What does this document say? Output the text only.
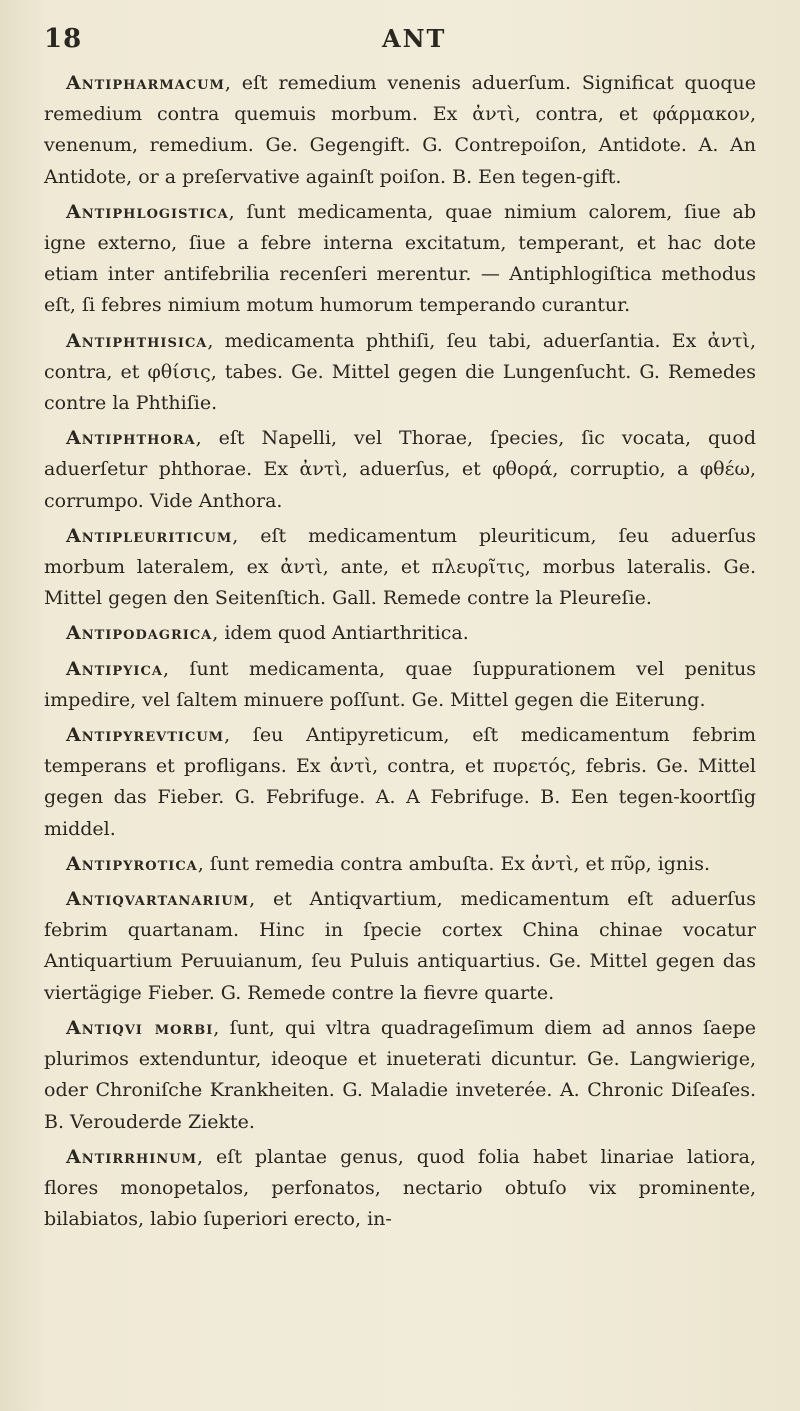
18	ANT

Antipharmacum, eſt remedium venenis aduerſum. Significat quoque remedium contra quemuis morbum. Ex ἀντὶ, contra, et φάρμακον, venenum, remedium. Ge. Gegengift. G. Contrepoiſon, Antidote. A. An Antidote, or a preſervative againſt poiſon. B. Een tegen-gift.

Antiphlogistica, ſunt medicamenta, quae nimium calorem, ſiue ab igne externo, ſiue a febre interna excitatum, temperant, et hac dote etiam inter antifebrilia recenſeri merentur. — Antiphlogiſtica methodus eſt, ſi febres nimium motum humorum temperando curantur.

Antiphthisica, medicamenta phthiſi, ſeu tabi, aduerſantia. Ex ἀντὶ, contra, et φθίσις, tabes. Ge. Mittel gegen die Lungenſucht. G. Remedes contre la Phthiſie.

Antiphthora, eſt Napelli, vel Thorae, ſpecies, ſic vocata, quod aduerſetur phthorae. Ex ἀντὶ, aduerſus, et φθορά, corruptio, a φθέω, corrumpo. Vide Anthora.

Antipleuriticum, eſt medicamentum pleuriticum, ſeu aduerſus morbum lateralem, ex ἀντὶ, ante, et πλευρῖτις, morbus lateralis. Ge. Mittel gegen den Seitenſtich. Gall. Remede contre la Pleureſie.

Antipodagrica, idem quod Antiarthritica.

Antipyica, ſunt medicamenta, quae ſuppurationem vel penitus impedire, vel ſaltem minuere poſſunt. Ge. Mittel gegen die Eiterung.

Antipyrevticum, ſeu Antipyreticum, eſt medicamentum febrim temperans et profligans. Ex ἀντὶ, contra, et πυρετός, febris. Ge. Mittel gegen das Fieber. G. Febrifuge. A. A Febrifuge. B. Een tegen-koortſig middel.

Antipyrotica, ſunt remedia contra ambuſta. Ex ἀντὶ, et πῦρ, ignis.

Antiqvartanarium, et Antiqvartium, medicamentum eſt aduerſus febrim quartanam. Hinc in ſpecie cortex China chinae vocatur Antiquartium Peruuianum, ſeu Puluis antiquartius. Ge. Mittel gegen das viertägige Fieber. G. Remede contre la fievre quarte.

Antiqvi morbi, ſunt, qui vltra quadrageſimum diem ad annos ſaepe plurimos extenduntur, ideoque et inueterati dicuntur. Ge. Langwierige, oder Chroniſche Krankheiten. G. Maladie inveterée. A. Chronic Diſeaſes. B. Verouderde Ziekte.

Antirrhinum, eſt plantae genus, quod folia habet linariae latiora, flores monopetalos, perfonatos, nectario obtuſo vix prominente, bilabiatos, labio ſuperiori erecto, in-
